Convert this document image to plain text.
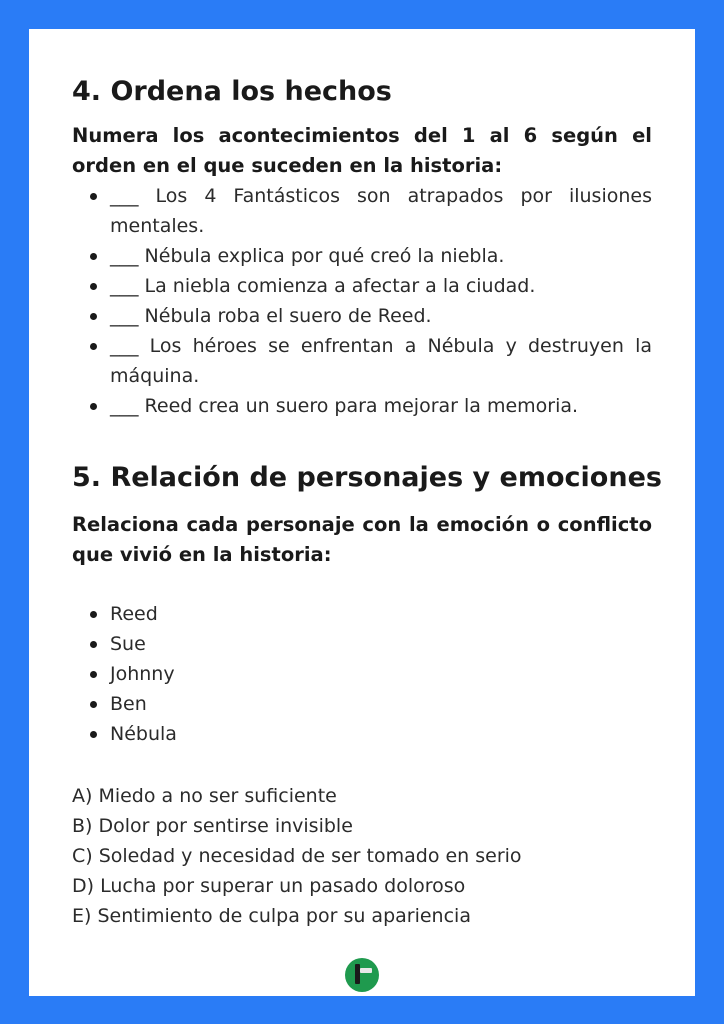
4. Ordena los hechos

Numera los acontecimientos del 1 al 6 según el orden en el que suceden en la historia:

___ Los 4 Fantásticos son atrapados por ilusiones mentales.
___ Nébula explica por qué creó la niebla.
___ La niebla comienza a afectar a la ciudad.
___ Nébula roba el suero de Reed.
___ Los héroes se enfrentan a Nébula y destruyen la máquina.
___ Reed crea un suero para mejorar la memoria.
5. Relación de personajes y emociones

Relaciona cada personaje con la emoción o conflicto que vivió en la historia:

Reed
Sue
Johnny
Ben
Nébula
A) Miedo a no ser suficiente
B) Dolor por sentirse invisible
C) Soledad y necesidad de ser tomado en serio
D) Lucha por superar un pasado doloroso
E) Sentimiento de culpa por su apariencia
